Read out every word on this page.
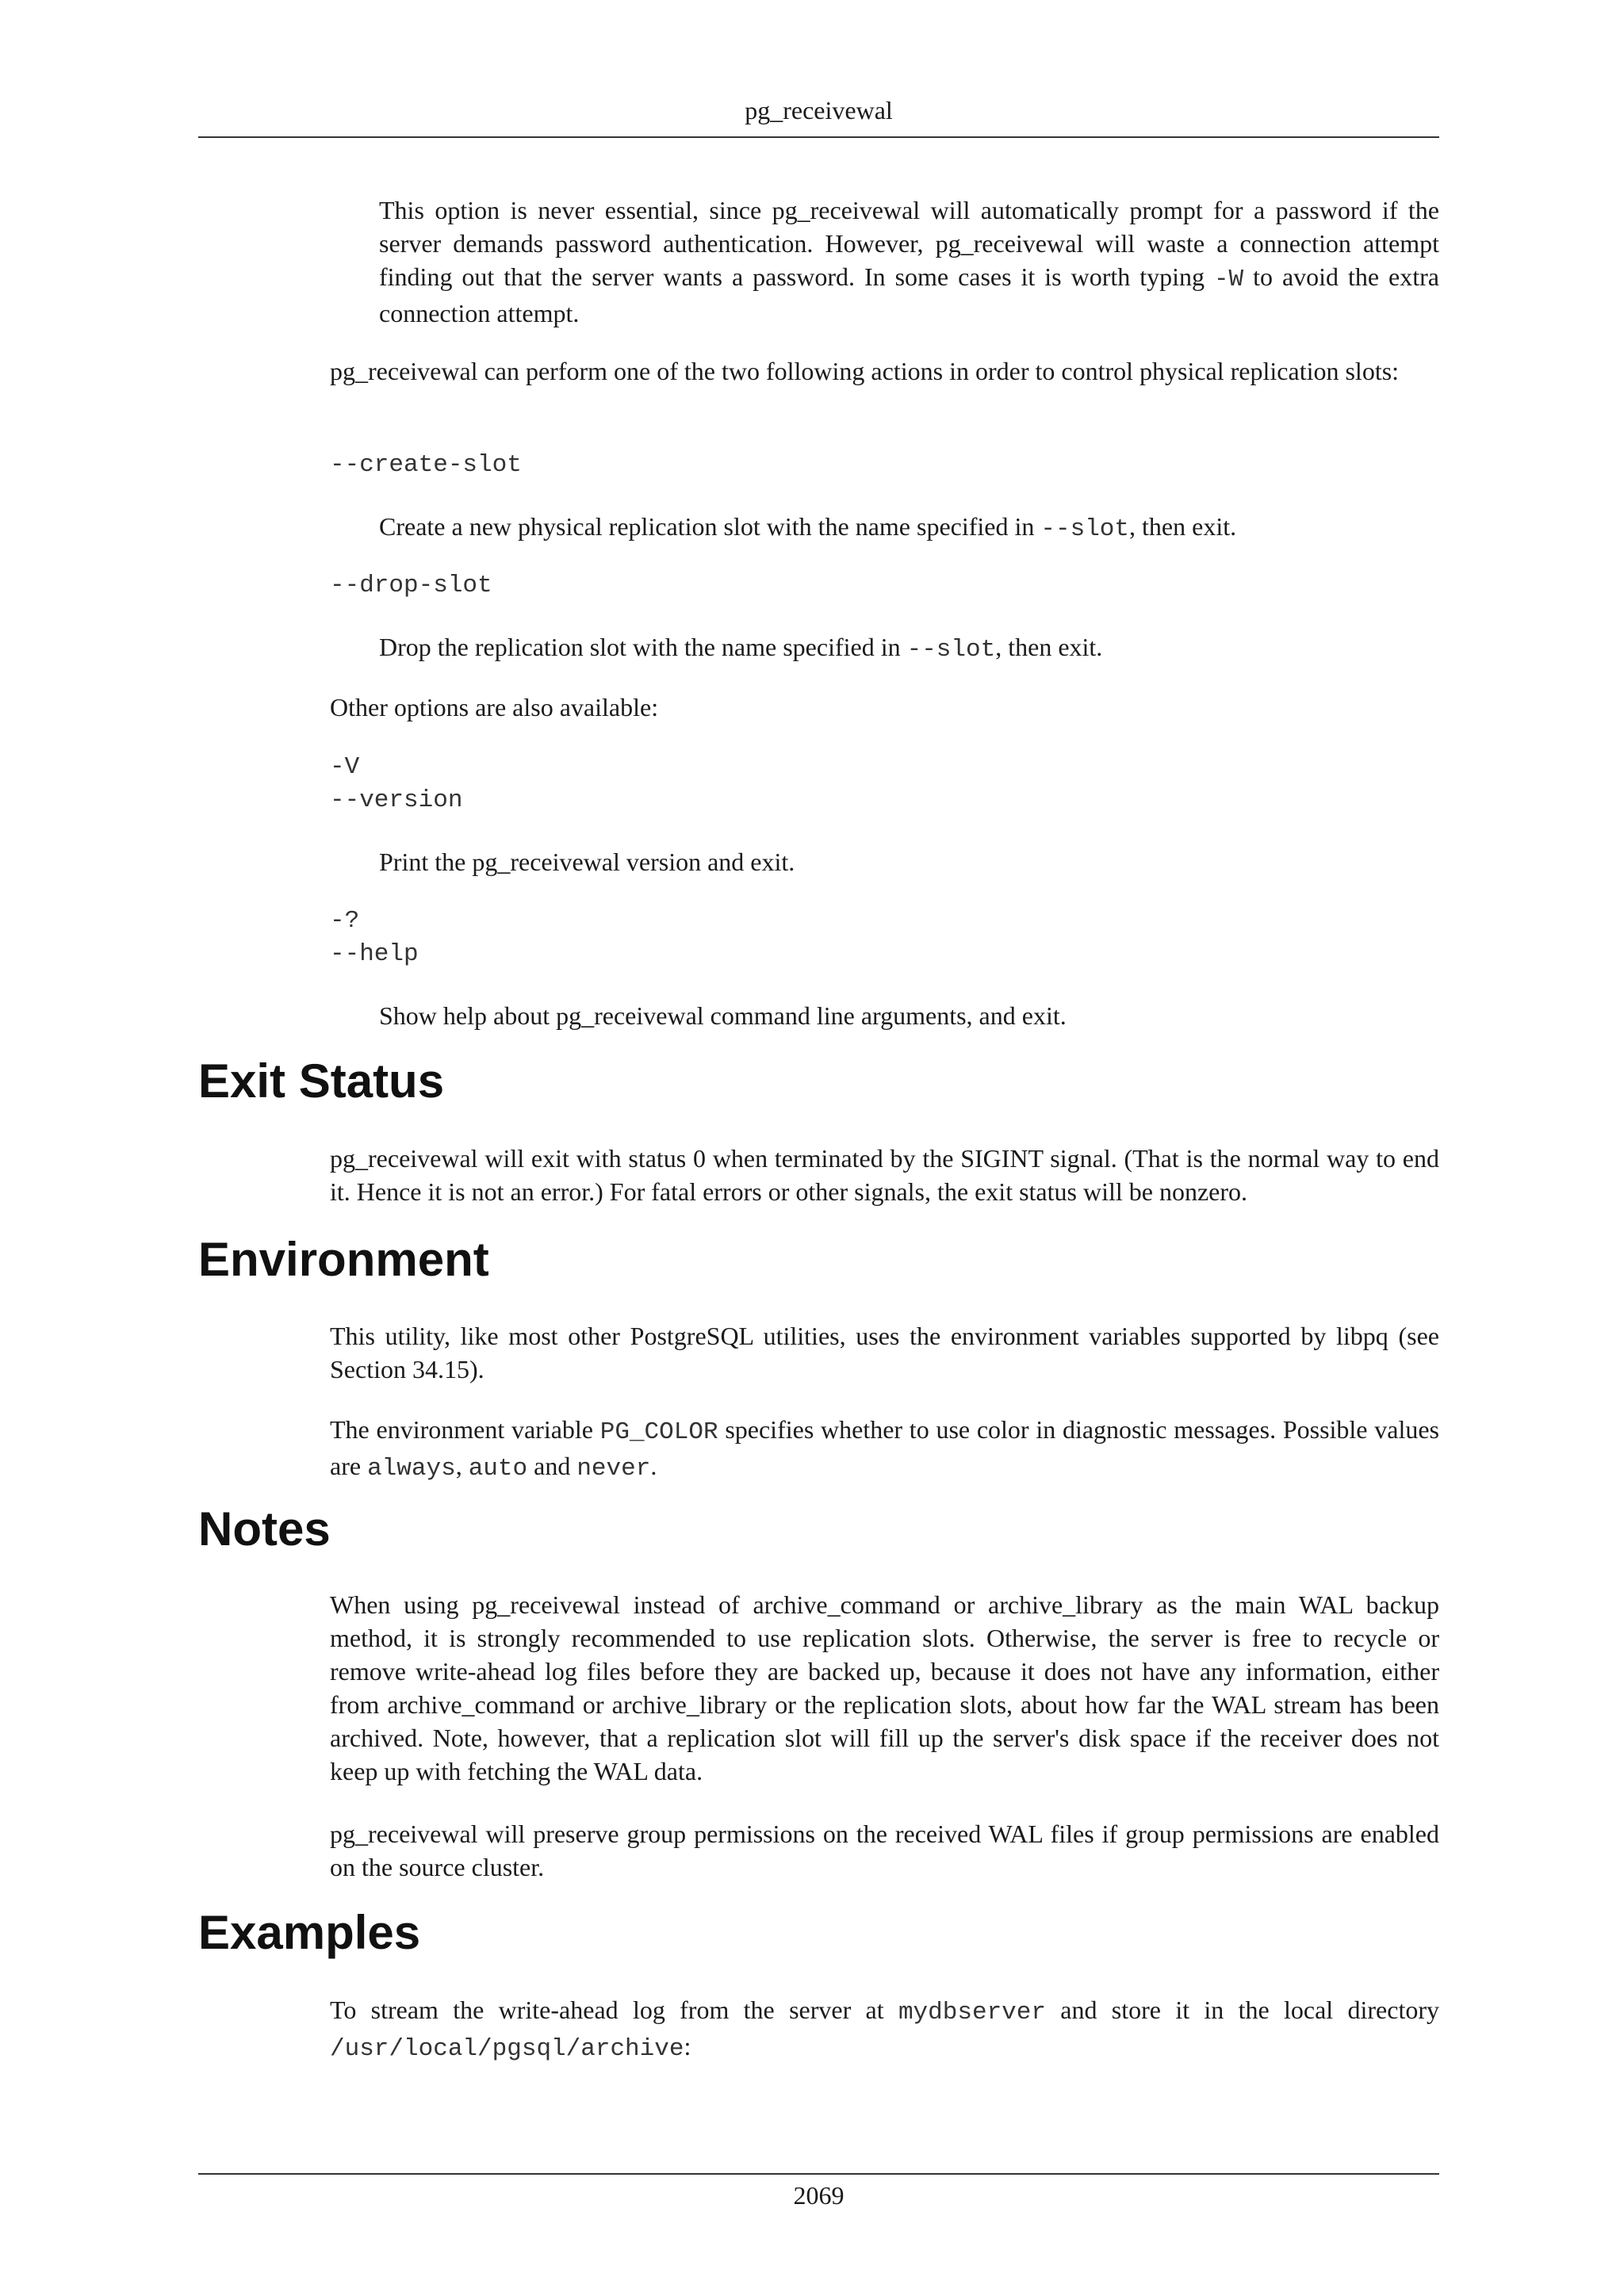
pg_receivewal

This option is never essential, since pg_receivewal will automatically prompt for a password if the server demands password authentication. However, pg_receivewal will waste a connection attempt finding out that the server wants a password. In some cases it is worth typing -W to avoid the extra connection attempt.

pg_receivewal can perform one of the two following actions in order to control physical replication slots:

--create-slot

Create a new physical replication slot with the name specified in --slot, then exit.

--drop-slot

Drop the replication slot with the name specified in --slot, then exit.

Other options are also available:

-V
--version

Print the pg_receivewal version and exit.

-?
--help

Show help about pg_receivewal command line arguments, and exit.

Exit Status

pg_receivewal will exit with status 0 when terminated by the SIGINT signal. (That is the normal way to end it. Hence it is not an error.) For fatal errors or other signals, the exit status will be nonzero.

Environment

This utility, like most other PostgreSQL utilities, uses the environment variables supported by libpq (see Section 34.15).

The environment variable PG_COLOR specifies whether to use color in diagnostic messages. Possible values are always, auto and never.

Notes

When using pg_receivewal instead of archive_command or archive_library as the main WAL backup method, it is strongly recommended to use replication slots. Otherwise, the server is free to recycle or remove write-ahead log files before they are backed up, because it does not have any information, either from archive_command or archive_library or the replication slots, about how far the WAL stream has been archived. Note, however, that a replication slot will fill up the server's disk space if the receiver does not keep up with fetching the WAL data.

pg_receivewal will preserve group permissions on the received WAL files if group permissions are enabled on the source cluster.

Examples

To stream the write-ahead log from the server at mydbserver and store it in the local directory /usr/local/pgsql/archive:

2069
